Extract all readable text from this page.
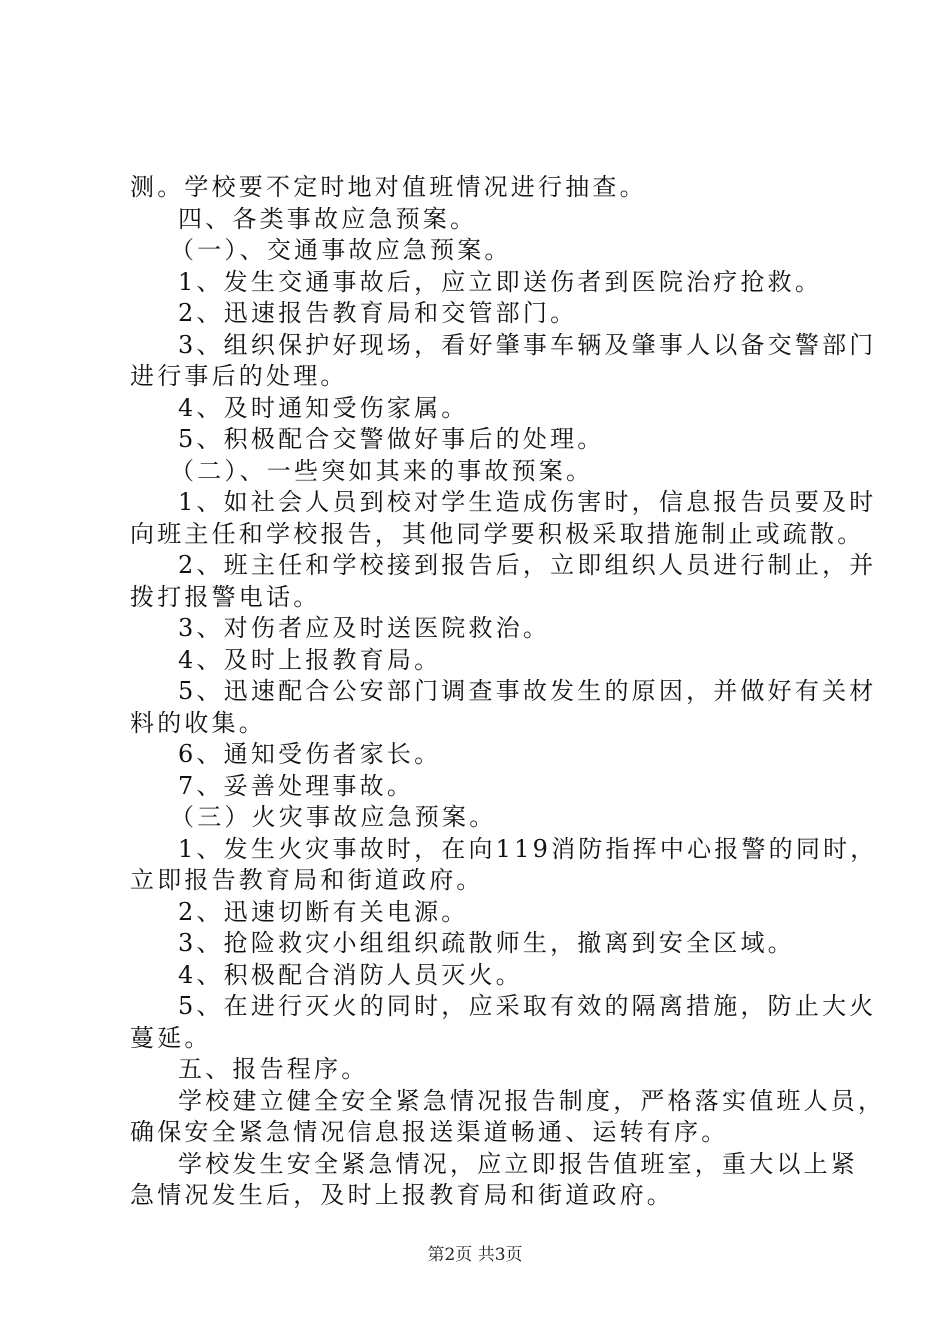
测。学校要不定时地对值班情况进行抽查。

四、各类事故应急预案。

（一）、交通事故应急预案。

1、发生交通事故后，应立即送伤者到医院治疗抢救。

2、迅速报告教育局和交管部门。

3、组织保护好现场，看好肇事车辆及肇事人以备交警部门

进行事后的处理。

4、及时通知受伤家属。

5、积极配合交警做好事后的处理。

（二）、一些突如其来的事故预案。

1、如社会人员到校对学生造成伤害时，信息报告员要及时

向班主任和学校报告，其他同学要积极采取措施制止或疏散。

2、班主任和学校接到报告后，立即组织人员进行制止，并

拨打报警电话。

3、对伤者应及时送医院救治。

4、及时上报教育局。

5、迅速配合公安部门调查事故发生的原因，并做好有关材

料的收集。

6、通知受伤者家长。

7、妥善处理事故。

（三）火灾事故应急预案。

1、发生火灾事故时，在向119消防指挥中心报警的同时，

立即报告教育局和街道政府。

2、迅速切断有关电源。

3、抢险救灾小组组织疏散师生，撤离到安全区域。

4、积极配合消防人员灭火。

5、在进行灭火的同时，应采取有效的隔离措施，防止大火

蔓延。

五、报告程序。

学校建立健全安全紧急情况报告制度，严格落实值班人员，

确保安全紧急情况信息报送渠道畅通、运转有序。

学校发生安全紧急情况，应立即报告值班室，重大以上紧

急情况发生后，及时上报教育局和街道政府。

第2页 共3页
